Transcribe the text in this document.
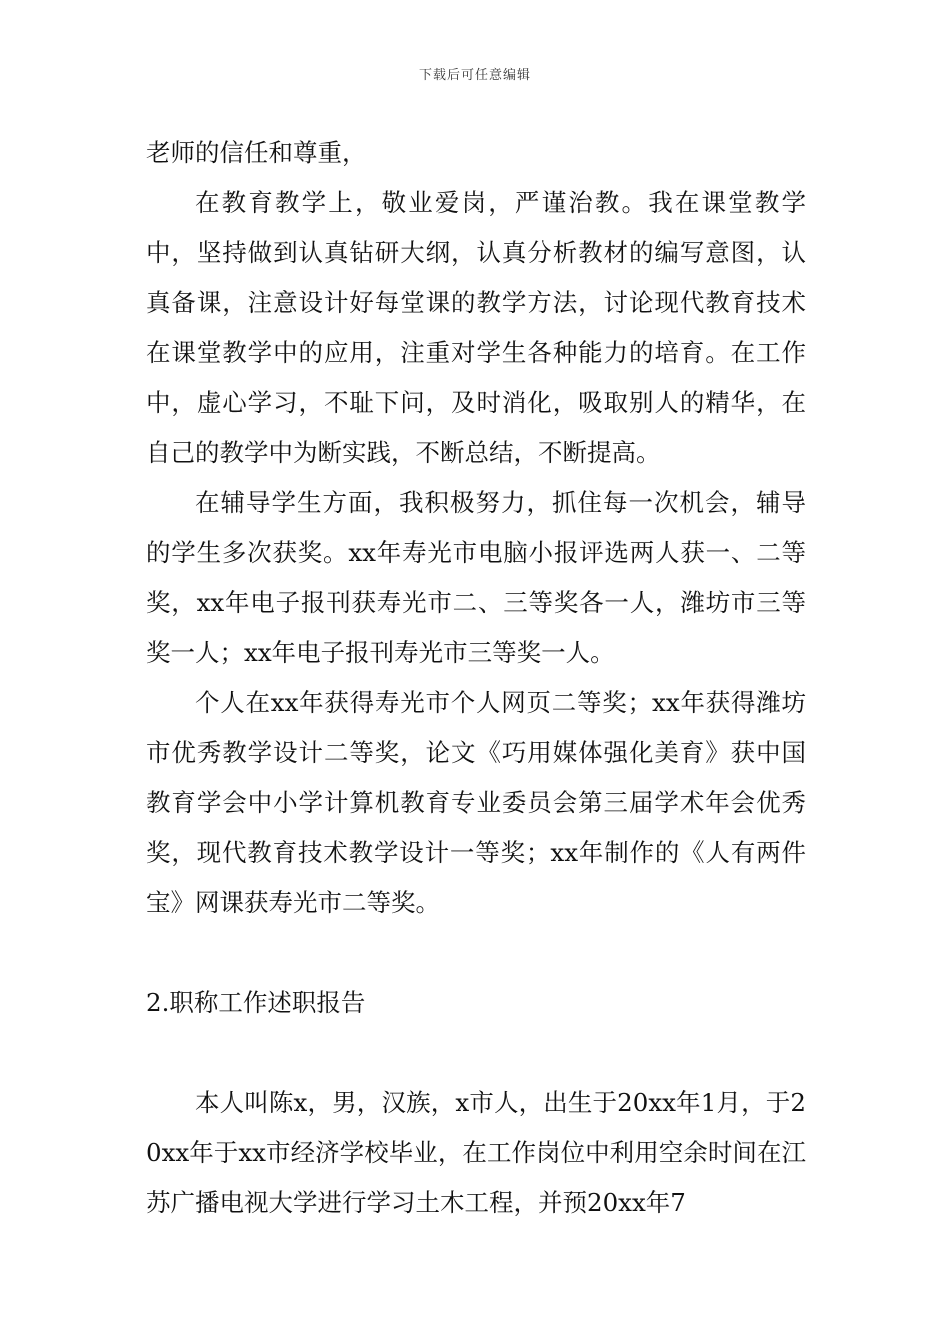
下载后可任意编辑

老师的信任和尊重，

在教育教学上，敬业爱岗，严谨治教。我在课堂教学中，坚持做到认真钻研大纲，认真分析教材的编写意图，认真备课，注意设计好每堂课的教学方法，讨论现代教育技术在课堂教学中的应用，注重对学生各种能力的培育。在工作中，虚心学习，不耻下问，及时消化，吸取别人的精华，在自己的教学中为断实践，不断总结，不断提高。

在辅导学生方面，我积极努力，抓住每一次机会，辅导的学生多次获奖。xx年寿光市电脑小报评选两人获一、二等奖，xx年电子报刊获寿光市二、三等奖各一人，潍坊市三等奖一人；xx年电子报刊寿光市三等奖一人。

个人在xx年获得寿光市个人网页二等奖；xx年获得潍坊市优秀教学设计二等奖，论文《巧用媒体强化美育》获中国教育学会中小学计算机教育专业委员会第三届学术年会优秀奖，现代教育技术教学设计一等奖；xx年制作的《人有两件宝》网课获寿光市二等奖。

2.职称工作述职报告

本人叫陈x，男，汉族，x市人，出生于20xx年1月，于20xx年于xx市经济学校毕业，在工作岗位中利用空余时间在江苏广播电视大学进行学习土木工程，并预20xx年7
